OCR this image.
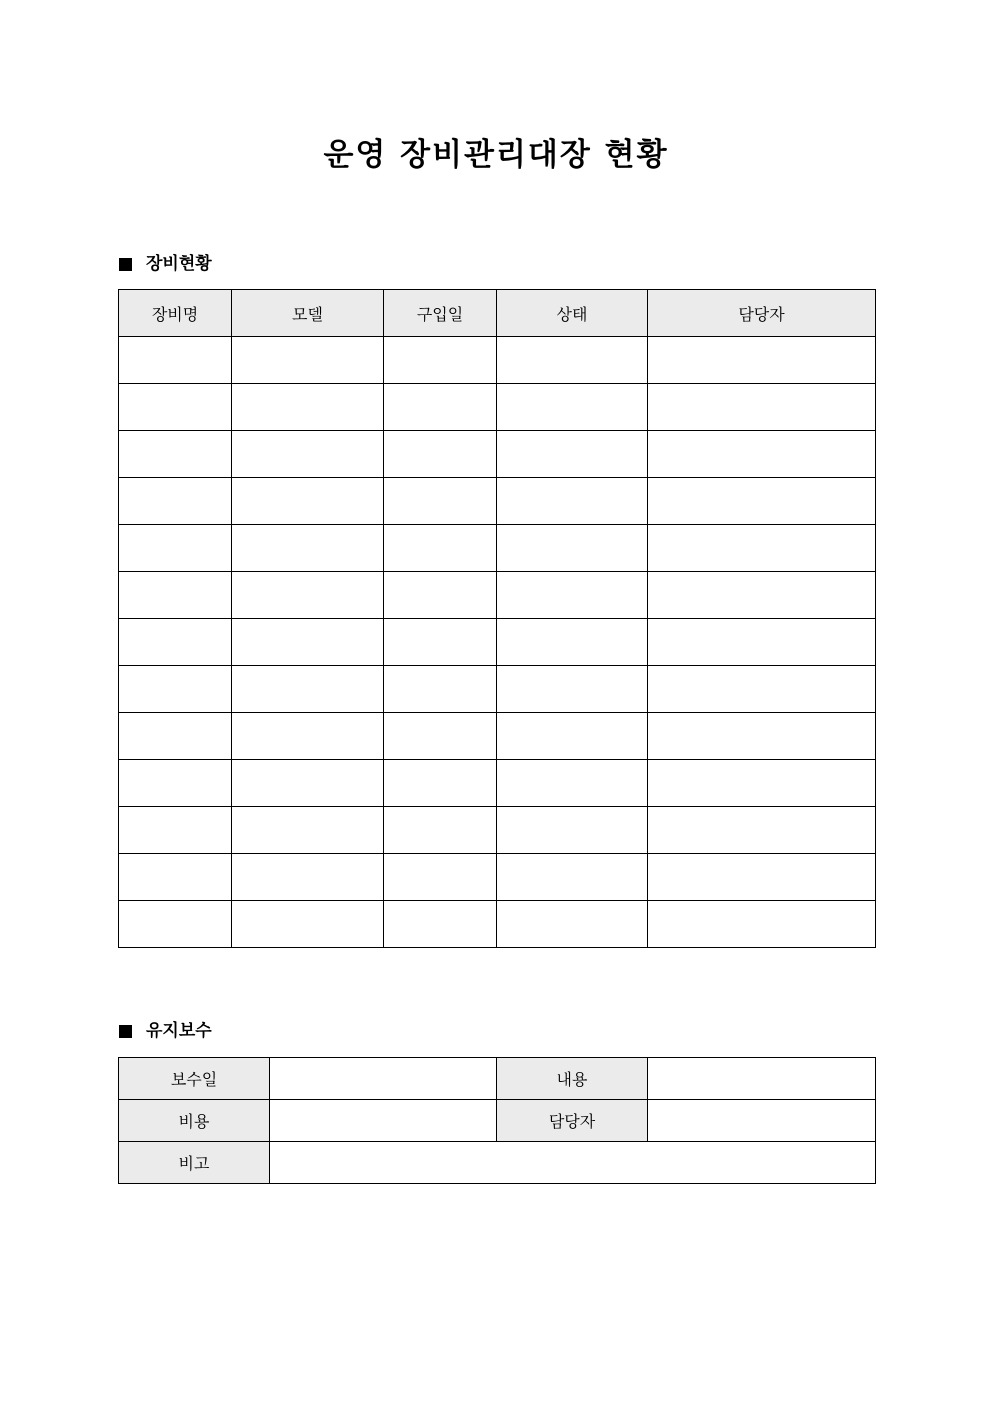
운영 장비관리대장 현황
장비현황
장비명	모델	구입일	상태	담당자

유지보수
보수일		내용	
비용		담당자	
비고			
